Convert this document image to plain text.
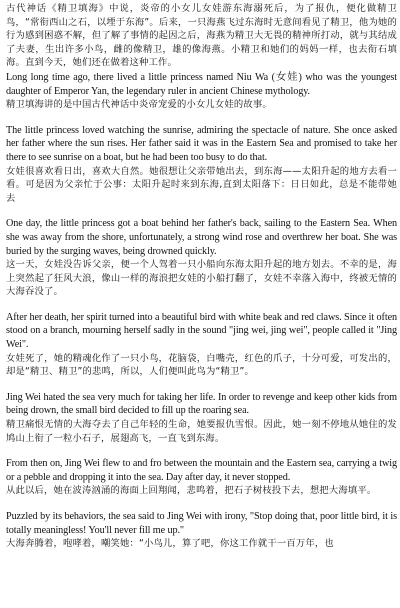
古代神话《精卫填海》中说，炎帝的小女儿女娃游东海溺死后，为了报仇，便化做精卫鸟，“常衔西山之石，以堙于东海”。后来，一只海燕飞过东海时无意间看见了精卫，他为她的行为感到困惑不解，但了解了事情的起因之后，海燕为精卫大无畏的精神所打动，就与其结成了夫妻，生出许多小鸟，雌的像精卫，雄的像海燕。小精卫和她们的妈妈一样，也去衔石填海。直到今天，她们还在做着这种工作。
Long long time ago, there lived a little princess named Niu Wa (女娃) who was the youngest daughter of Emperor Yan, the legendary ruler in ancient Chinese mythology.
精卫填海讲的是中国古代神话中炎帝宠爱的小女儿女娃的故事。
The little princess loved watching the sunrise, admiring the spectacle of nature. She once asked her father where the sun rises. Her father said it was in the Eastern Sea and promised to take her there to see sunrise on a boat, but he had been too busy to do that.
女娃很喜欢看日出，喜欢大自然。她很想让父亲带她出去，到东海——太阳升起的地方去看一看。可是因为父亲忙于公事：太阳升起时来到东海,直到太阳落下：日日如此，总是不能带她去
One day, the little princess got a boat behind her father's back, sailing to the Eastern Sea. When she was away from the shore, unfortunately, a strong wind rose and overthrew her boat. She was buried by the surging waves, being drowned quickly.
这一天，女娃没告诉父亲，便一个人驾着一只小船向东海太阳升起的地方划去。不幸的是，海上突然起了狂风大浪，像山一样的海浪把女娃的小船打翻了，女娃不幸落入海中，终被无情的大海吞没了。
After her death, her spirit turned into a beautiful bird with white beak and red claws. Since it often stood on a branch, mourning herself sadly in the sound "jing wei, jing wei", people called it "Jing Wei".
女娃死了，她的精魂化作了一只小鸟，花脑袋，白嘴壳，红色的爪子，十分可爱，可发出的，却是“精卫、精卫”的悲鸣，所以，人们便叫此鸟为“精卫”。
Jing Wei hated the sea very much for taking her life. In order to revenge and keep other kids from being drown, the small bird decided to fill up the roaring sea.
精卫痛恨无情的大海夺去了自己年轻的生命，她要报仇雪恨。因此，她一刻不停地从她住的发鸠山上衔了一粒小石子，展翅高飞，一直飞到东海。
From then on, Jing Wei flew to and fro between the mountain and the Eastern sea, carrying a twig or a pebble and dropping it into the sea. Day after day, it never stopped.
从此以后，她在波涛汹涌的海面上回翔闻，悲鸣着，把石子树枝投下去，想把大海填平。
Puzzled by its behaviors, the sea said to Jing Wei with irony, "Stop doing that, poor little bird, it is totally meaningless! You'll never fill me up."
大海奔腾着，咆哮着，嘲笑她：“小鸟儿，算了吧，你这工作就干一百万年，也
